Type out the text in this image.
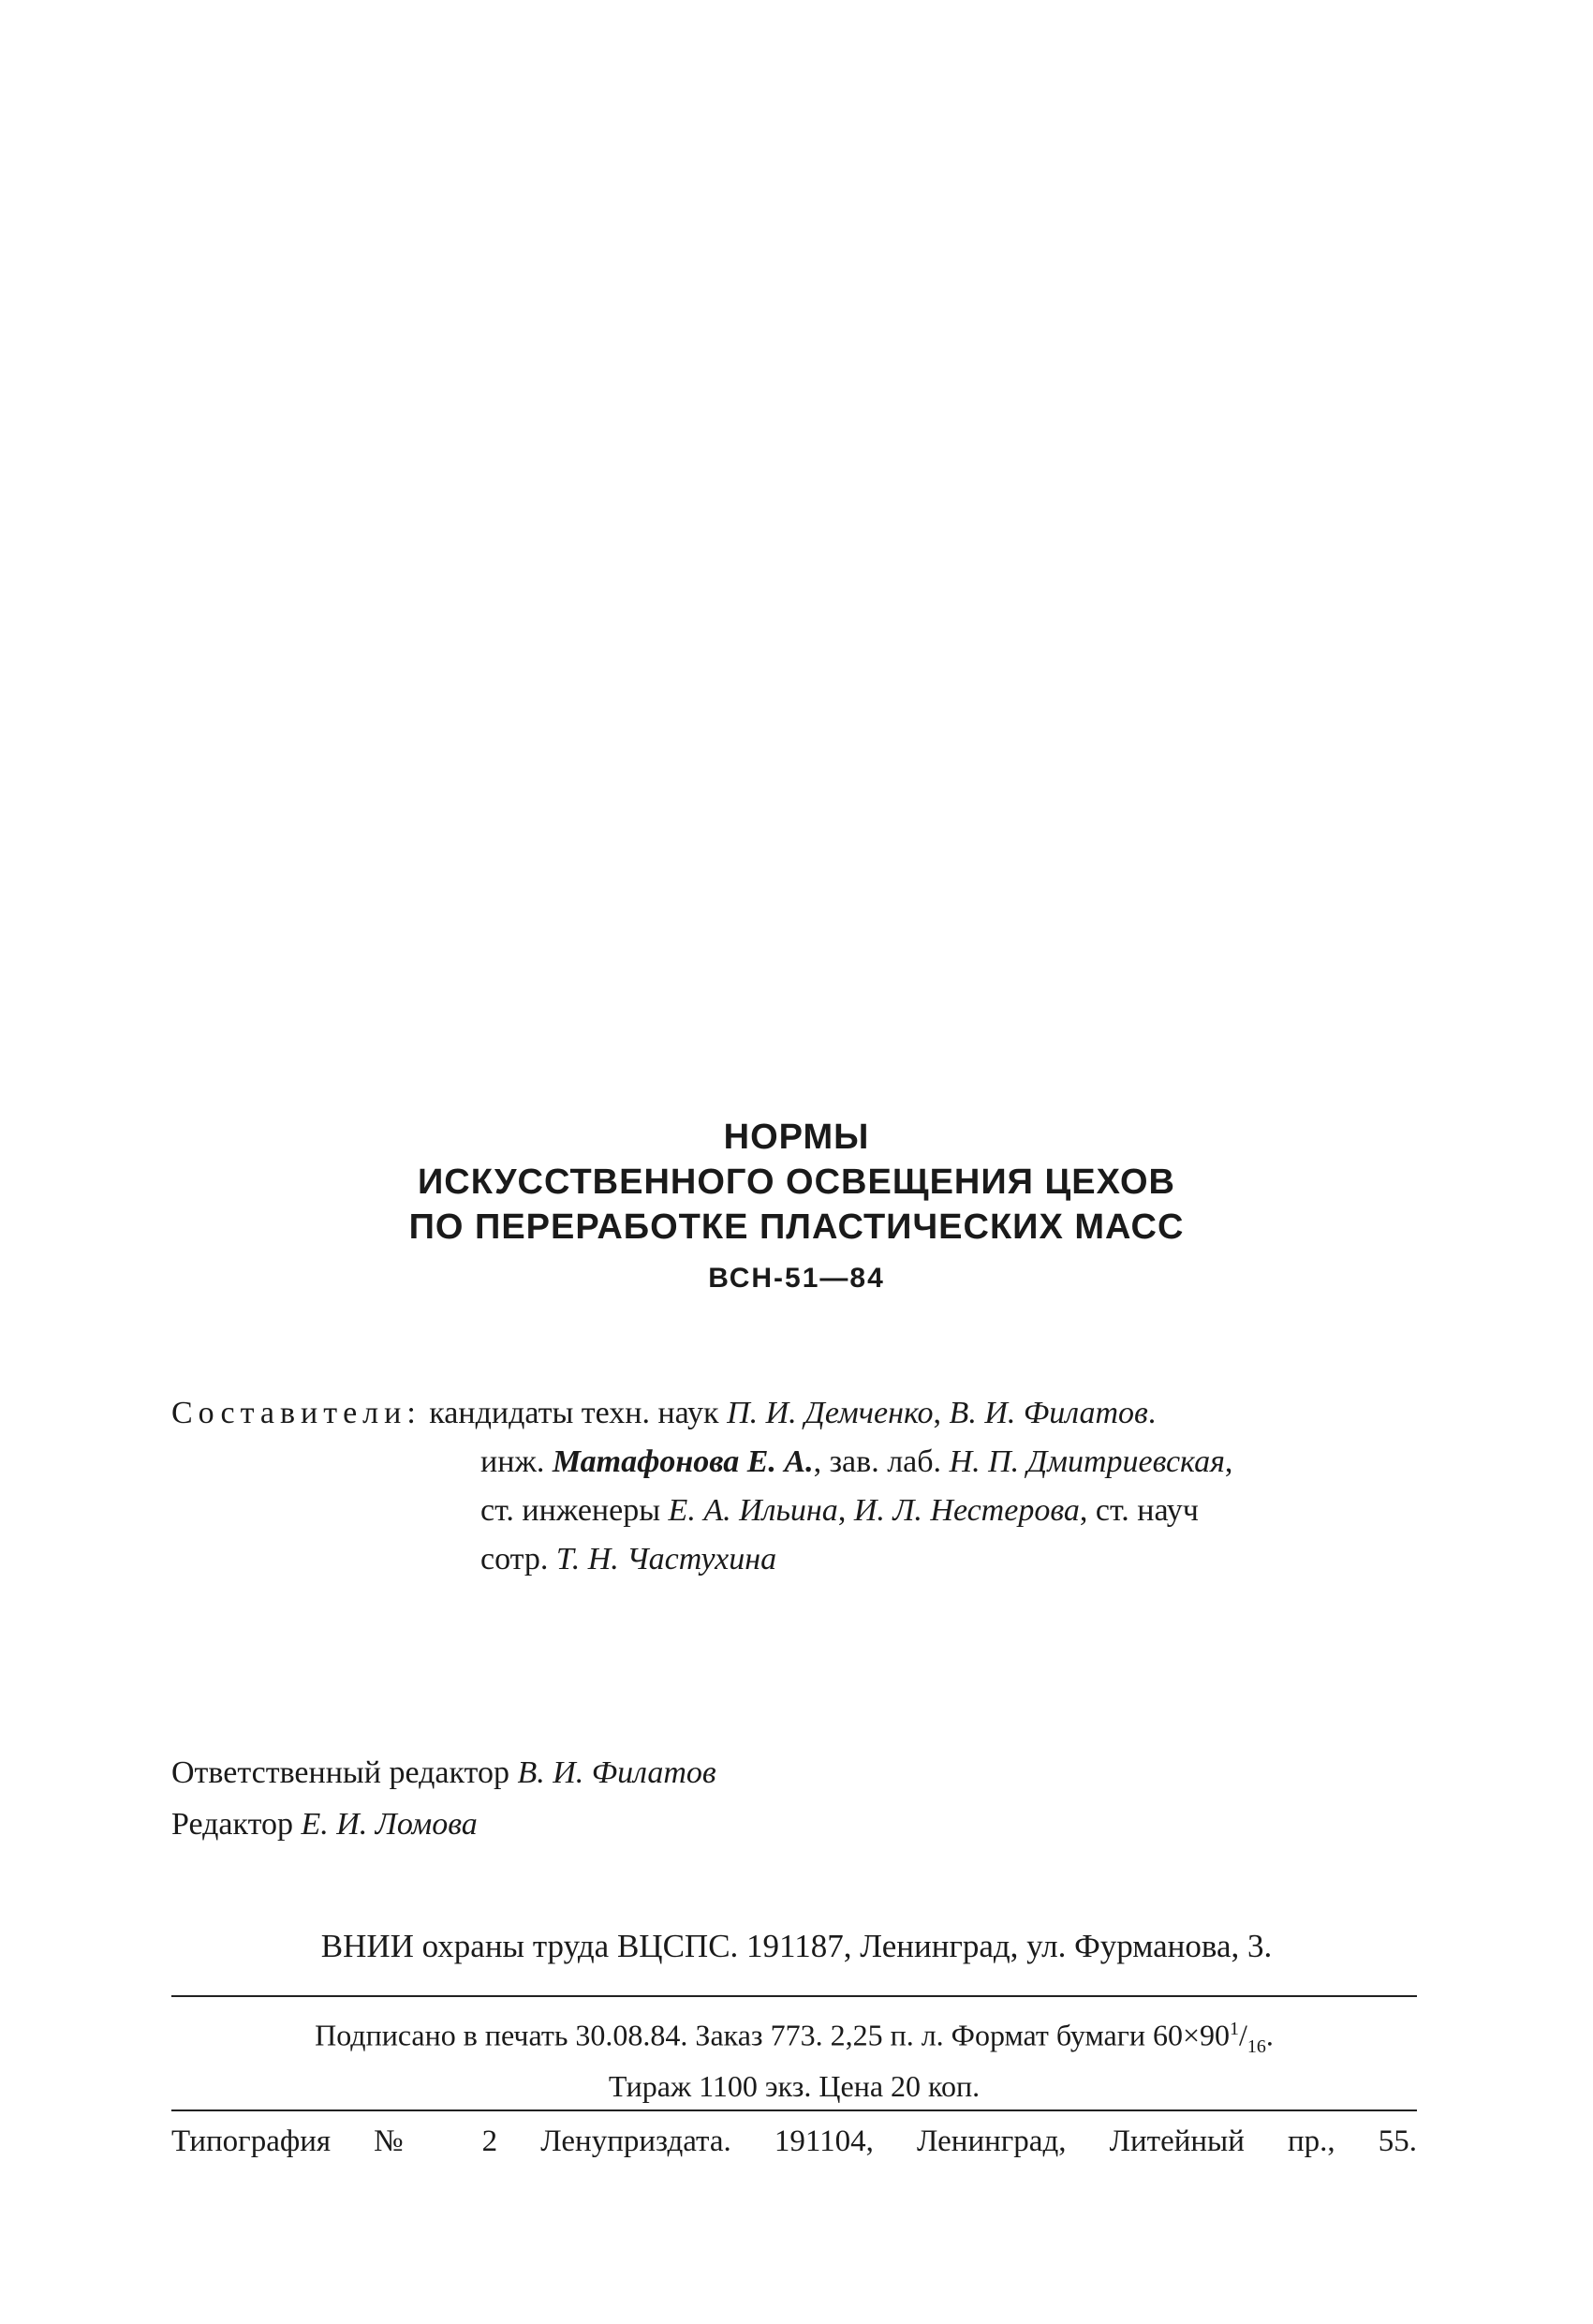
НОРМЫ
ИСКУССТВЕННОГО ОСВЕЩЕНИЯ ЦЕХОВ
ПО ПЕРЕРАБОТКЕ ПЛАСТИЧЕСКИХ МАСС
ВСН-51—84
Составители: кандидаты техн. наук П. И. Демченко, В. И. Филатов.
инж. Матафонова Е. А., зав. лаб. Н. П. Дмитриевская,
ст. инженеры Е. А. Ильина, И. Л. Нестерова, ст. науч
сотр. Т. Н. Частухина
Ответственный редактор В. И. Филатов
Редактор Е. И. Ломова
ВНИИ охраны труда ВЦСПС. 191187, Ленинград, ул. Фурманова, 3.
Подписано в печать 30.08.84. Заказ 773. 2,25 п. л. Формат бумаги $60\times 90^1/_{16}$.
Тираж 1100 экз. Цена 20 коп.
Типография № 2 Ленуприздата. 191104, Ленинград, Литейный пр., 55.
